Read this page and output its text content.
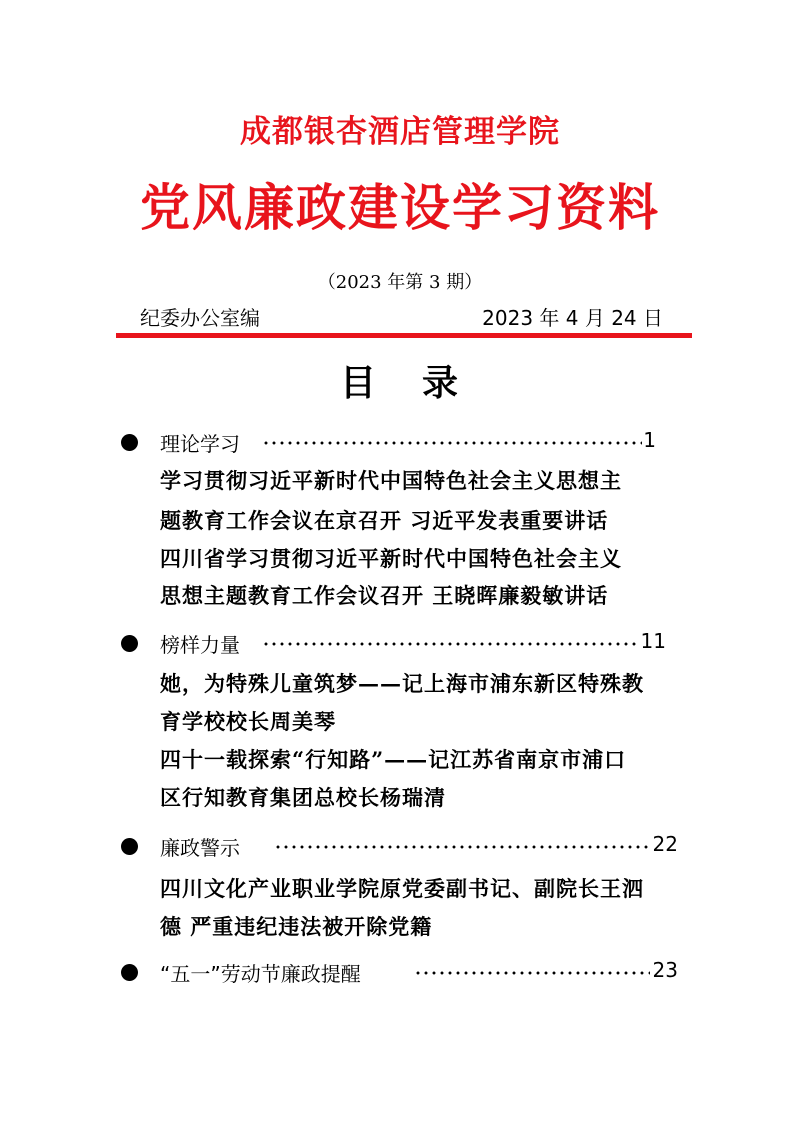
成都银杏酒店管理学院
党风廉政建设学习资料
（2023 年第 3 期）
纪委办公室编	2023 年 4 月 24 日
目 录
理论学习	1
学习贯彻习近平新时代中国特色社会主义思想主
题教育工作会议在京召开 习近平发表重要讲话
四川省学习贯彻习近平新时代中国特色社会主义
思想主题教育工作会议召开 王晓晖廉毅敏讲话
榜样力量	11
她，为特殊儿童筑梦——记上海市浦东新区特殊教
育学校校长周美琴
四十一载探索“行知路”——记江苏省南京市浦口
区行知教育集团总校长杨瑞清
廉政警示	22
四川文化产业职业学院原党委副书记、副院长王泗
德 严重违纪违法被开除党籍
“五一”劳动节廉政提醒	23
